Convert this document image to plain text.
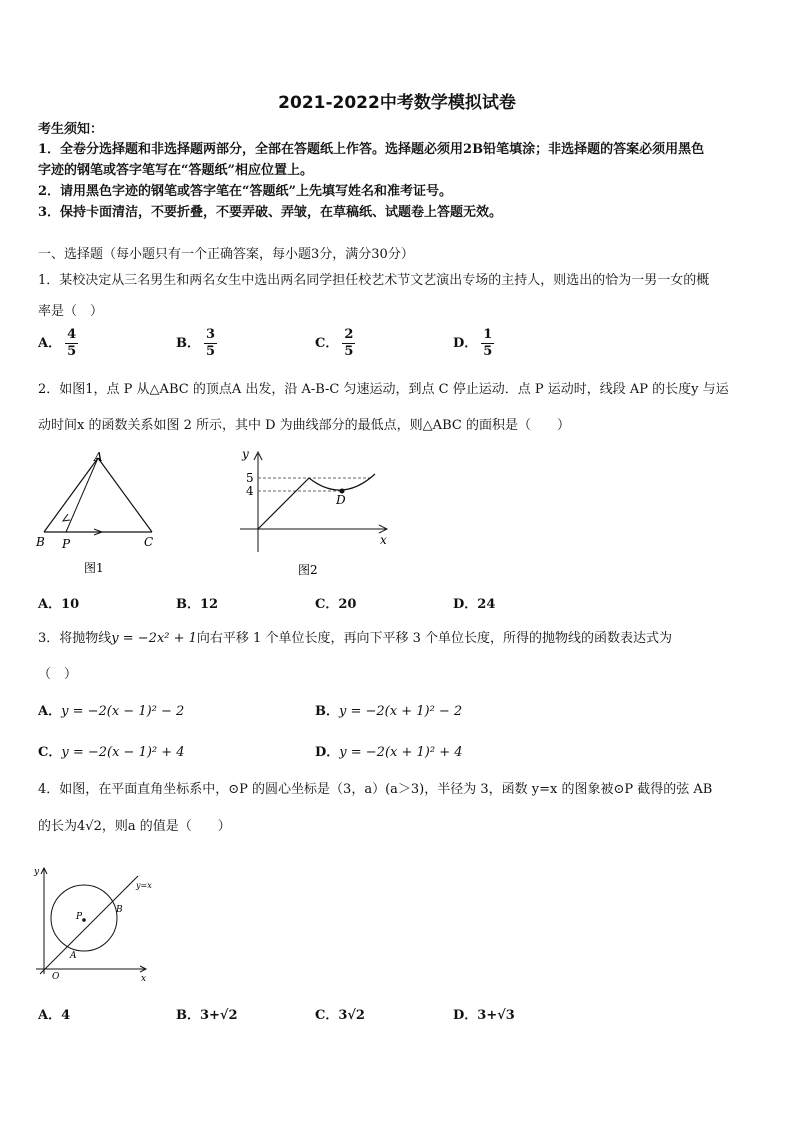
2021-2022中考数学模拟试卷
考生须知：
1．全卷分选择题和非选择题两部分，全部在答题纸上作答。选择题必须用2B铅笔填涂；非选择题的答案必须用黑色
字迹的钢笔或答字笔写在“答题纸”相应位置上。
2．请用黑色字迹的钢笔或答字笔在“答题纸”上先填写姓名和准考证号。
3．保持卡面清洁，不要折叠，不要弄破、弄皱，在草稿纸、试题卷上答题无效。
一、选择题（每小题只有一个正确答案，每小题3分，满分30分）
1．某校决定从三名男生和两名女生中选出两名同学担任校艺术节文艺演出专场的主持人，则选出的恰为一男一女的概
率是（　）
A． $\frac{4}{5}$	B． $\frac{3}{5}$	C． $\frac{2}{5}$	D． $\frac{1}{5}$
2．如图1，点 P 从△ABC 的顶点A 出发，沿 A-B-C 匀速运动，到点 C 停止运动．点 P 运动时，线段 AP 的长度y 与运
动时间x 的函数关系如图 2 所示，其中 D 为曲线部分的最低点，则△ABC 的面积是（　　）
A
B P	C
图1
y
x
5
4
D
图2
A．10	B．12	C．20	D．24
3．将抛物线y = −2x² + 1向右平移 1 个单位长度，再向下平移 3 个单位长度，所得的抛物线的函数表达式为
（　）
A．y = −2(x − 1)² − 2	B．y = −2(x + 1)² − 2
C．y = −2(x − 1)² + 4	D．y = −2(x + 1)² + 4
4．如图，在平面直角坐标系中，⊙P 的圆心坐标是（3，a）(a＞3)，半径为 3，函数 y=x 的图象被⊙P 截得的弦 AB
的长为4√2，则a 的值是（　　）
y
x
O
P
A
B
y=x
A．4	B．3+√2	C．3√2	D．3+√3
